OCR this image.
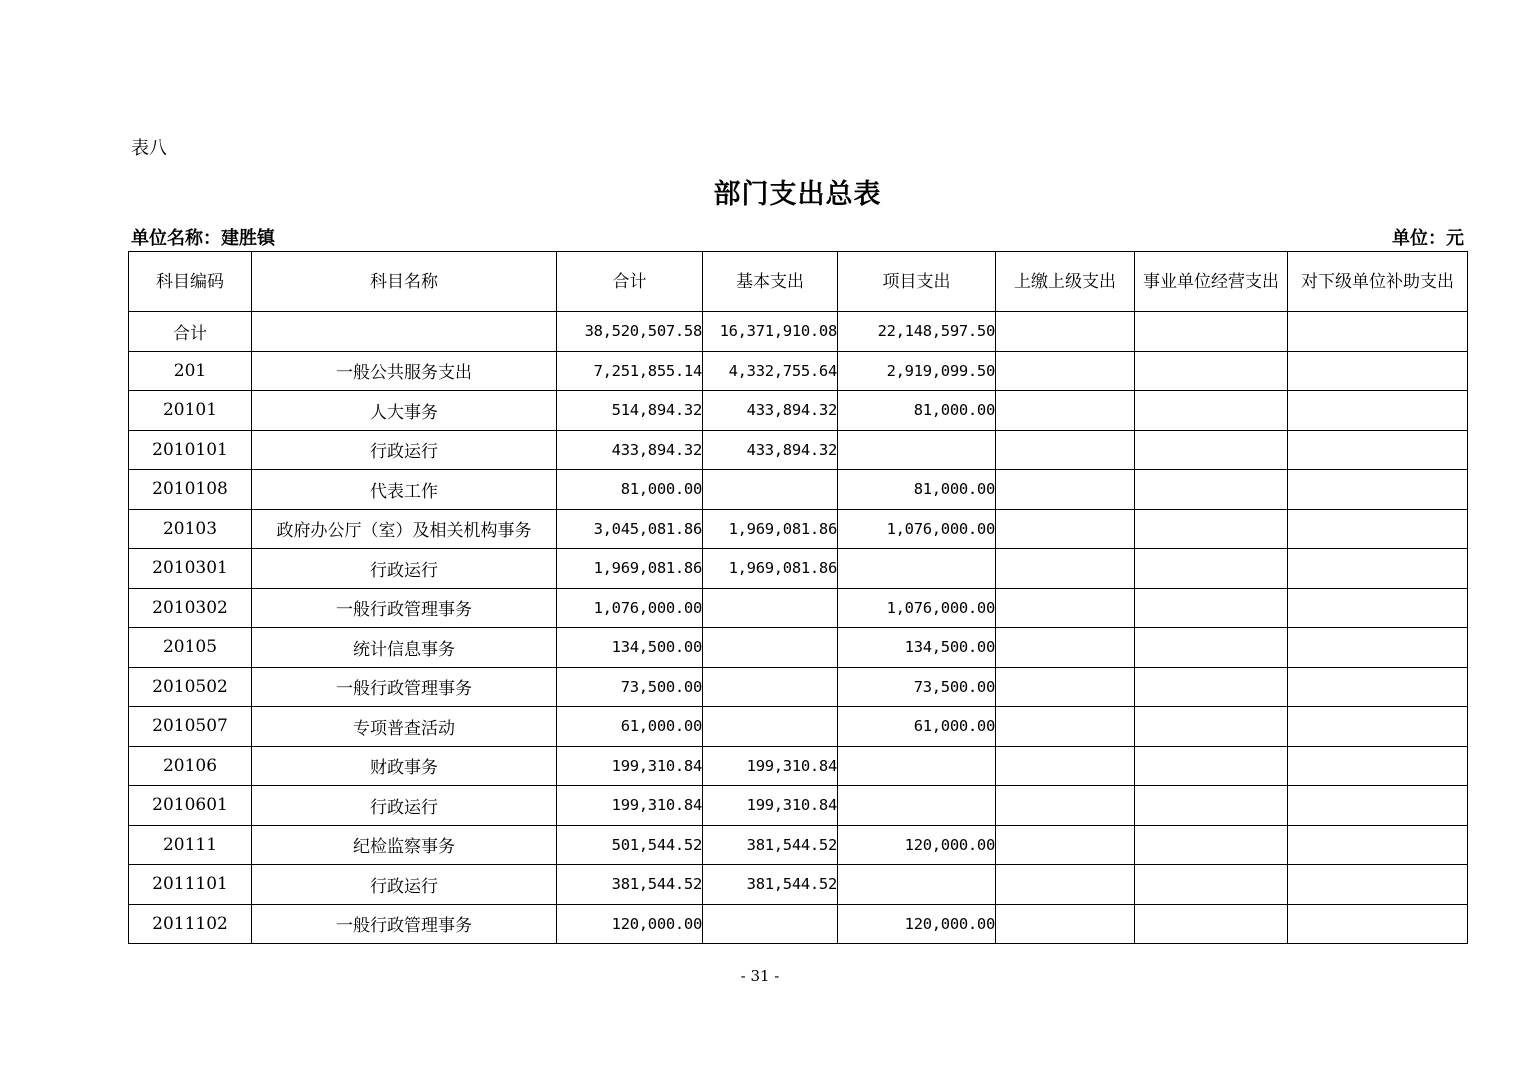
表八
部门支出总表
单位名称：建胜镇	单位：元
科目编码	科目名称	合计	基本支出	项目支出	上缴上级支出	事业单位经营支出	对下级单位补助支出
合计		38,520,507.58	16,371,910.08	22,148,597.50			
201	一般公共服务支出	7,251,855.14	4,332,755.64	2,919,099.50			
20101	人大事务	514,894.32	433,894.32	81,000.00			
2010101	行政运行	433,894.32	433,894.32				
2010108	代表工作	81,000.00		81,000.00			
20103	政府办公厅（室）及相关机构事务	3,045,081.86	1,969,081.86	1,076,000.00			
2010301	行政运行	1,969,081.86	1,969,081.86				
2010302	一般行政管理事务	1,076,000.00		1,076,000.00			
20105	统计信息事务	134,500.00		134,500.00			
2010502	一般行政管理事务	73,500.00		73,500.00			
2010507	专项普查活动	61,000.00		61,000.00			
20106	财政事务	199,310.84	199,310.84				
2010601	行政运行	199,310.84	199,310.84				
20111	纪检监察事务	501,544.52	381,544.52	120,000.00			
2011101	行政运行	381,544.52	381,544.52				
2011102	一般行政管理事务	120,000.00		120,000.00			
- 31 -
